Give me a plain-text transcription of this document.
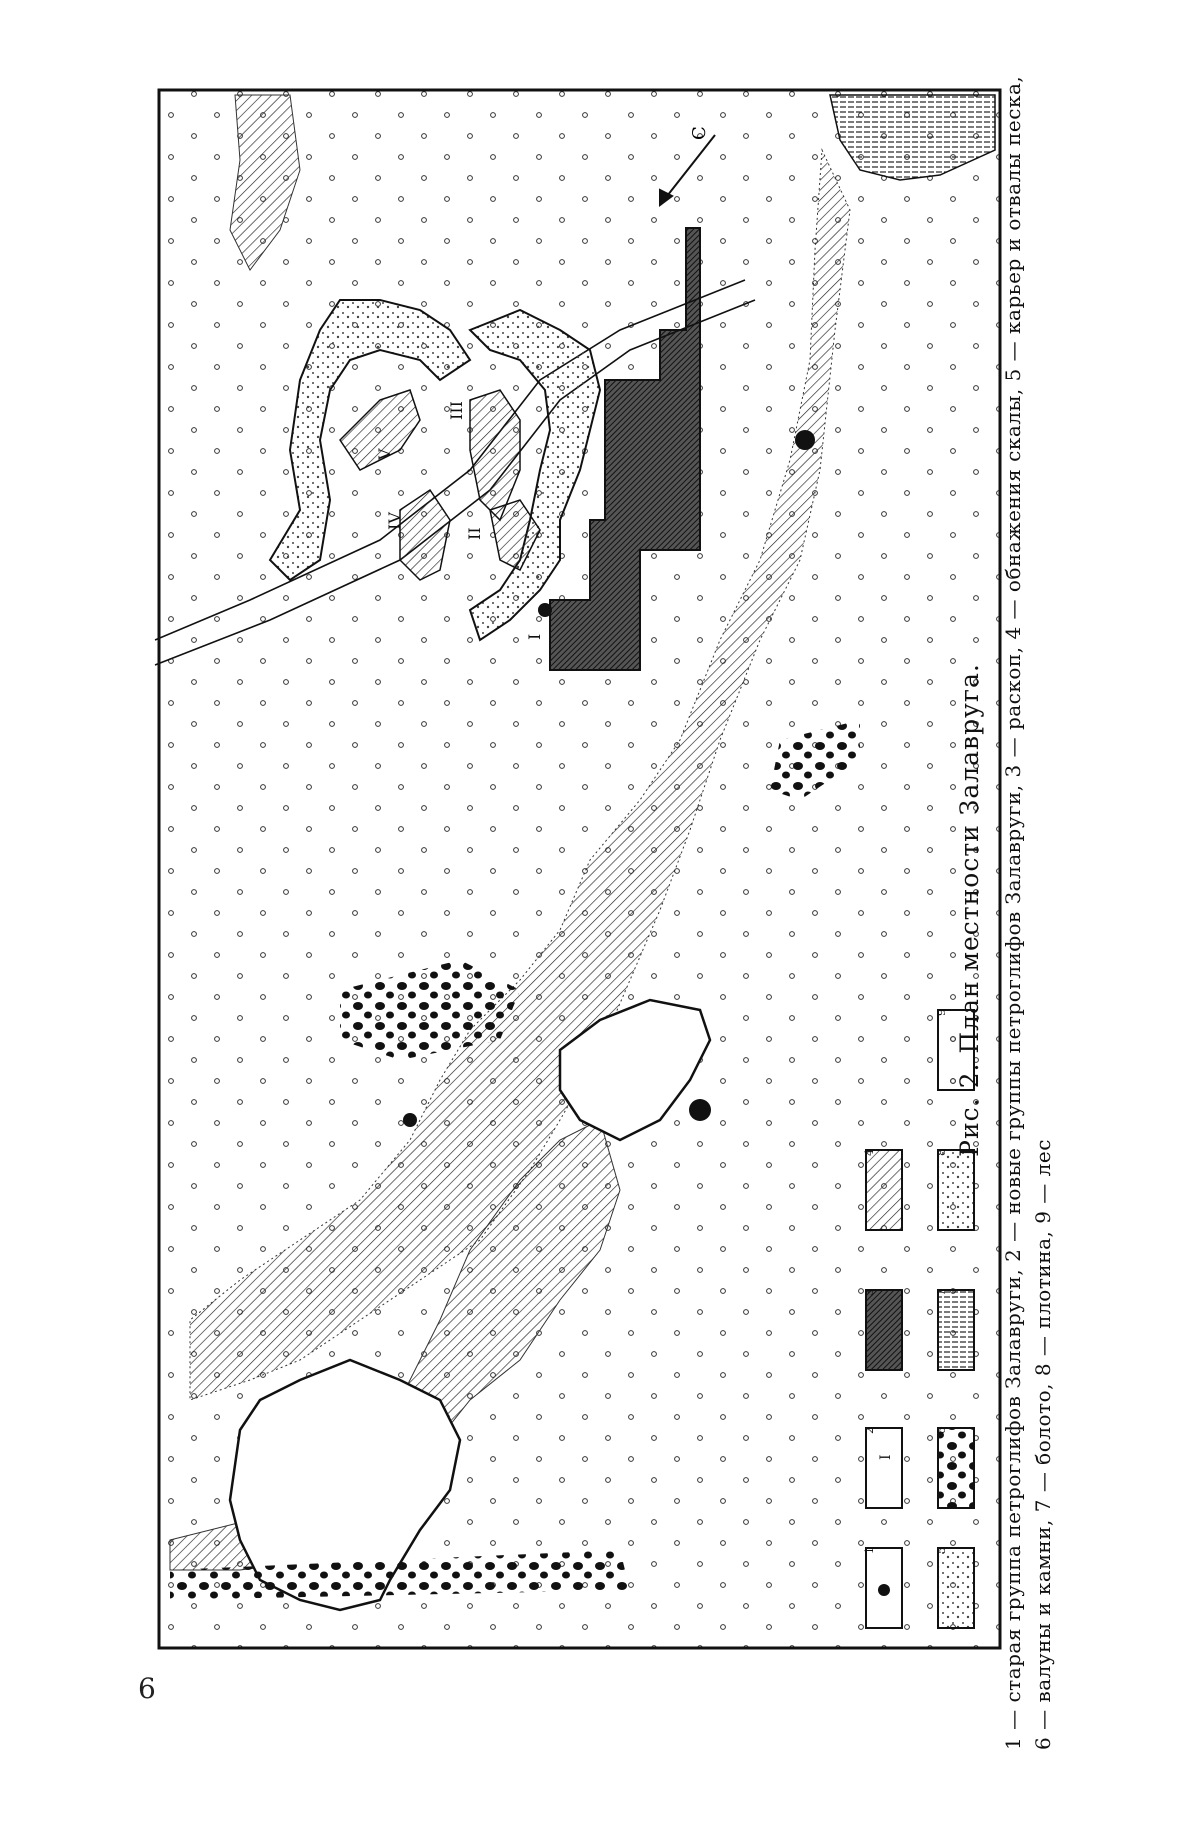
С
I
II
III
IV
V
I
1
2
3
4
5
6
7
8
9 Рис. 2. План местности Залавруга. 1 — старая группа петроглифов Залавруги, 2 — новые группы петроглифов Залавруги, 3 — раскоп, 4 — обнажения скалы, 5 — карьер и отвалы песка, 6 — валуны и камни, 7 — болото, 8 — плотина, 9 — лес
6
